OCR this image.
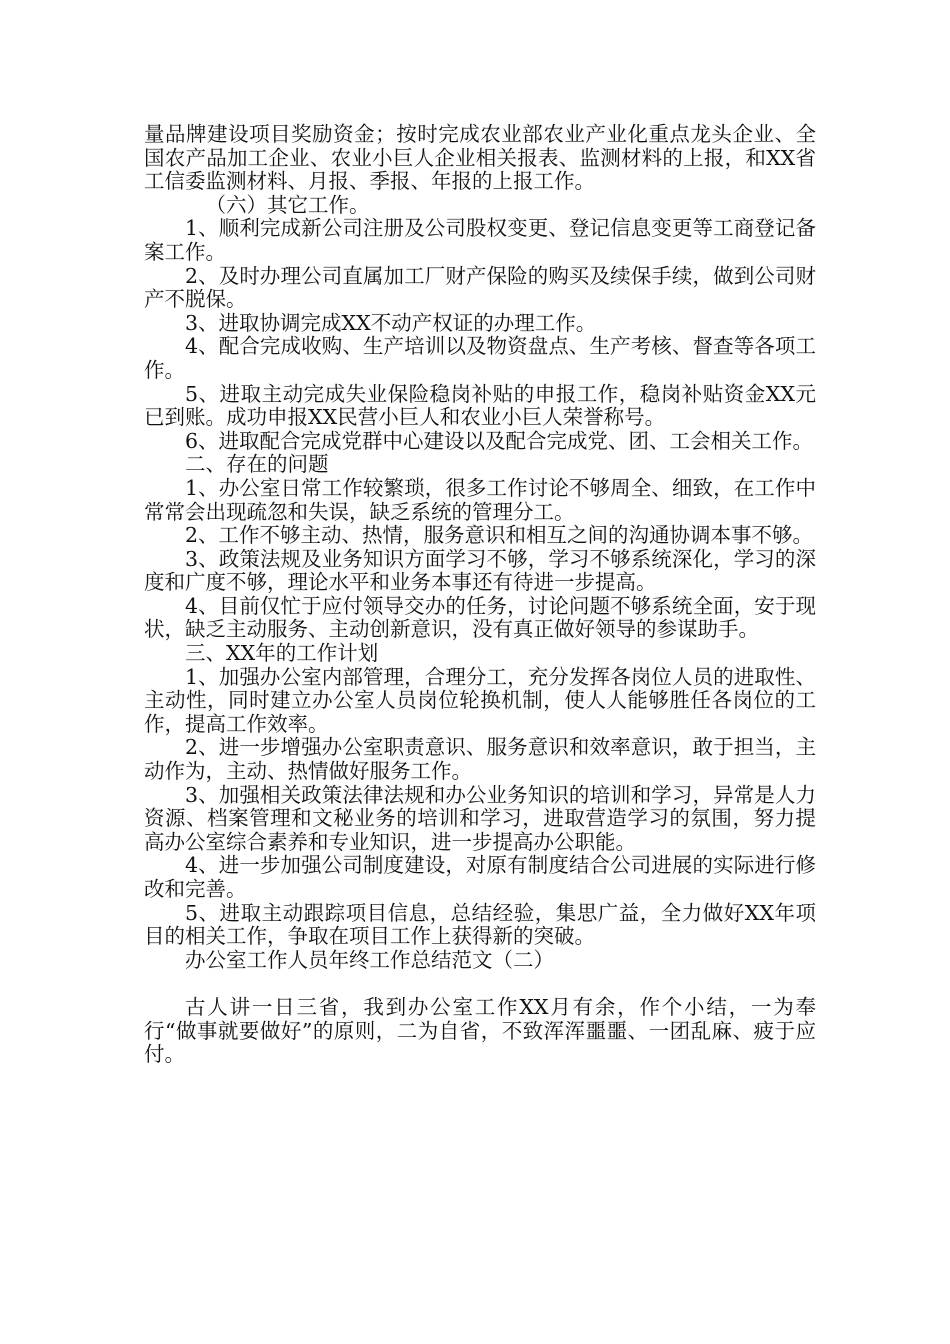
量品牌建设项目奖励资金；按时完成农业部农业产业化重点龙头企业、全国农产品加工企业、农业小巨人企业相关报表、监测材料的上报，和XX省工信委监测材料、月报、季报、年报的上报工作。

（六）其它工作。

1、顺利完成新公司注册及公司股权变更、登记信息变更等工商登记备案工作。

2、及时办理公司直属加工厂财产保险的购买及续保手续，做到公司财产不脱保。

3、进取协调完成XX不动产权证的办理工作。

4、配合完成收购、生产培训以及物资盘点、生产考核、督查等各项工作。

5、进取主动完成失业保险稳岗补贴的申报工作，稳岗补贴资金XX元已到账。成功申报XX民营小巨人和农业小巨人荣誉称号。

6、进取配合完成党群中心建设以及配合完成党、团、工会相关工作。

二、存在的问题

1、办公室日常工作较繁琐，很多工作讨论不够周全、细致，在工作中常常会出现疏忽和失误，缺乏系统的管理分工。

2、工作不够主动、热情，服务意识和相互之间的沟通协调本事不够。

3、政策法规及业务知识方面学习不够，学习不够系统深化，学习的深度和广度不够，理论水平和业务本事还有待进一步提高。

4、目前仅忙于应付领导交办的任务，讨论问题不够系统全面，安于现状，缺乏主动服务、主动创新意识，没有真正做好领导的参谋助手。

三、XX年的工作计划

1、加强办公室内部管理，合理分工，充分发挥各岗位人员的进取性、主动性，同时建立办公室人员岗位轮换机制，使人人能够胜任各岗位的工作，提高工作效率。

2、进一步增强办公室职责意识、服务意识和效率意识，敢于担当，主动作为，主动、热情做好服务工作。

3、加强相关政策法律法规和办公业务知识的培训和学习，异常是人力资源、档案管理和文秘业务的培训和学习，进取营造学习的氛围，努力提高办公室综合素养和专业知识，进一步提高办公职能。

4、进一步加强公司制度建设，对原有制度结合公司进展的实际进行修改和完善。

5、进取主动跟踪项目信息，总结经验，集思广益，全力做好XX年项目的相关工作，争取在项目工作上获得新的突破。

办公室工作人员年终工作总结范文（二）

古人讲一日三省，我到办公室工作XX月有余，作个小结，一为奉行“做事就要做好”的原则，二为自省，不致浑浑噩噩、一团乱麻、疲于应付。
